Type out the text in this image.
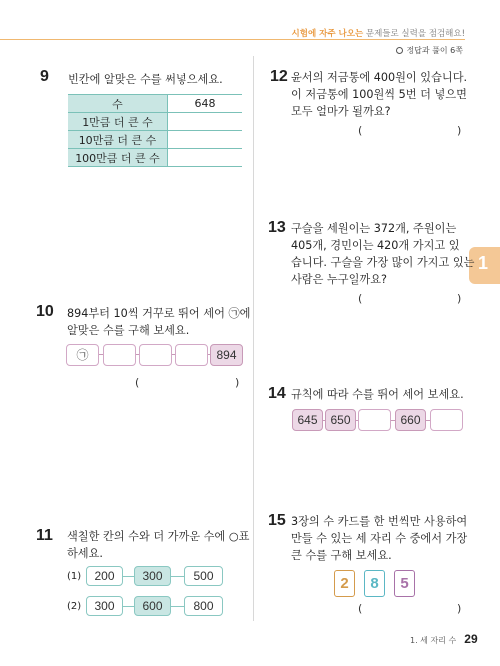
시험에 자주 나오는 문제들로 실력을 점검해요!
정답과 풀이 6쪽
1
9 빈칸에 알맞은 수를 써넣으세요.
수	648
1만큼 더 큰 수	
10만큼 더 큰 수	
100만큼 더 큰 수	
10 894부터 10씩 거꾸로 뛰어 세어 ㉠에
알맞은 수를 구해 보세요.
㉠	894
(	)
11 색칠한 칸의 수와 더 가까운 수에 ○표
하세요.
(1)	200	300	500
(2)	300	600	800
12 윤서의 저금통에 400원이 있습니다.
이 저금통에 100원씩 5번 더 넣으면
모두 얼마가 될까요?
(	)
13 구슬을 세원이는 372개, 주원이는
405개, 경민이는 420개 가지고 있
습니다. 구슬을 가장 많이 가지고 있는
사람은 누구일까요?
(	)
14 규칙에 따라 수를 뛰어 세어 보세요.
645	650	660
15 3장의 수 카드를 한 번씩만 사용하여
만들 수 있는 세 자리 수 중에서 가장
큰 수를 구해 보세요.
2	8	5
(	)
1. 세 자리 수 29
